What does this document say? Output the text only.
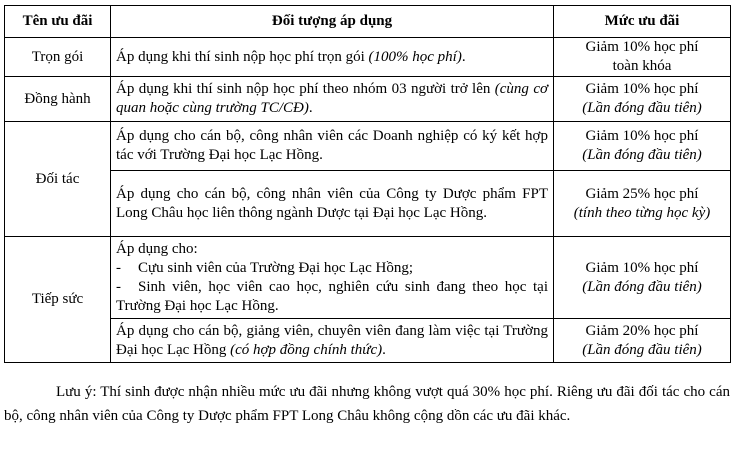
Tên ưu đãi	Đối tượng áp dụng	Mức ưu đãi
Trọn gói	Áp dụng khi thí sinh nộp học phí trọn gói (100% học phí).	Giảm 10% học phí
toàn khóa
Đồng hành	Áp dụng khi thí sinh nộp học phí theo nhóm 03 người trở lên (cùng cơ quan hoặc cùng trường TC/CĐ).	Giảm 10% học phí
(Lần đóng đầu tiên)
Đối tác	Áp dụng cho cán bộ, công nhân viên các Doanh nghiệp có ký kết hợp tác với Trường Đại học Lạc Hồng.	Giảm 10% học phí
(Lần đóng đầu tiên)
	Áp dụng cho cán bộ, công nhân viên của Công ty Dược phẩm FPT Long Châu học liên thông ngành Dược tại Đại học Lạc Hồng.	Giảm 25% học phí
(tính theo từng học kỳ)
Tiếp sức	Áp dụng cho:
- Cựu sinh viên của Trường Đại học Lạc Hồng;
- Sinh viên, học viên cao học, nghiên cứu sinh đang theo học tại Trường Đại học Lạc Hồng.	Giảm 10% học phí
(Lần đóng đầu tiên)
	Áp dụng cho cán bộ, giảng viên, chuyên viên đang làm việc tại Trường Đại học Lạc Hồng (có hợp đồng chính thức).	Giảm 20% học phí
(Lần đóng đầu tiên)
Lưu ý: Thí sinh được nhận nhiều mức ưu đãi nhưng không vượt quá 30% học phí. Riêng ưu đãi đối tác cho cán bộ, công nhân viên của Công ty Dược phẩm FPT Long Châu không cộng dồn các ưu đãi khác.
